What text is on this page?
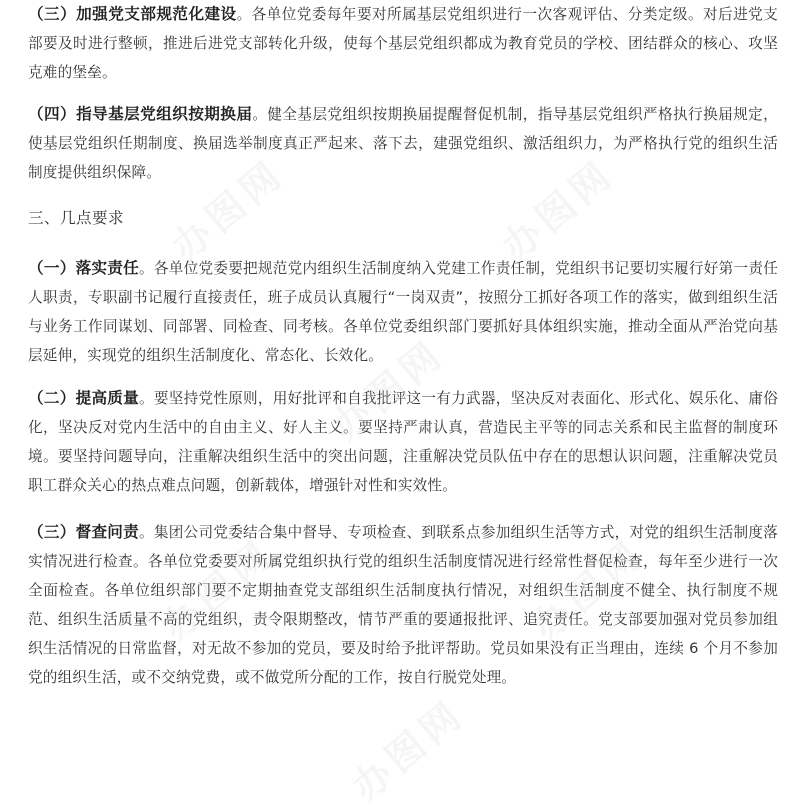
（三）加强党支部规范化建设。各单位党委每年要对所属基层党组织进行一次客观评估、分类定级。对后进党支部要及时进行整顿，推进后进党支部转化升级，使每个基层党组织都成为教育党员的学校、团结群众的核心、攻坚克难的堡垒。

（四）指导基层党组织按期换届。健全基层党组织按期换届提醒督促机制，指导基层党组织严格执行换届规定，使基层党组织任期制度、换届选举制度真正严起来、落下去，建强党组织、激活组织力，为严格执行党的组织生活制度提供组织保障。

三、几点要求

（一）落实责任。各单位党委要把规范党内组织生活制度纳入党建工作责任制，党组织书记要切实履行好第一责任人职责，专职副书记履行直接责任，班子成员认真履行“一岗双责”，按照分工抓好各项工作的落实，做到组织生活与业务工作同谋划、同部署、同检查、同考核。各单位党委组织部门要抓好具体组织实施，推动全面从严治党向基层延伸，实现党的组织生活制度化、常态化、长效化。

（二）提高质量。要坚持党性原则，用好批评和自我批评这一有力武器，坚决反对表面化、形式化、娱乐化、庸俗化，坚决反对党内生活中的自由主义、好人主义。要坚持严肃认真，营造民主平等的同志关系和民主监督的制度环境。要坚持问题导向，注重解决组织生活中的突出问题，注重解决党员队伍中存在的思想认识问题，注重解决党员职工群众关心的热点难点问题，创新载体，增强针对性和实效性。

（三）督查问责。集团公司党委结合集中督导、专项检查、到联系点参加组织生活等方式，对党的组织生活制度落实情况进行检查。各单位党委要对所属党组织执行党的组织生活制度情况进行经常性督促检查，每年至少进行一次全面检查。各单位组织部门要不定期抽查党支部组织生活制度执行情况，对组织生活制度不健全、执行制度不规范、组织生活质量不高的党组织，责令限期整改，情节严重的要通报批评、追究责任。党支部要加强对党员参加组织生活情况的日常监督，对无故不参加的党员，要及时给予批评帮助。党员如果没有正当理由，连续 6 个月不参加党的组织生活，或不交纳党费，或不做党所分配的工作，按自行脱党处理。

办图网	办图网
办图网
办图网	办图网
办图网
